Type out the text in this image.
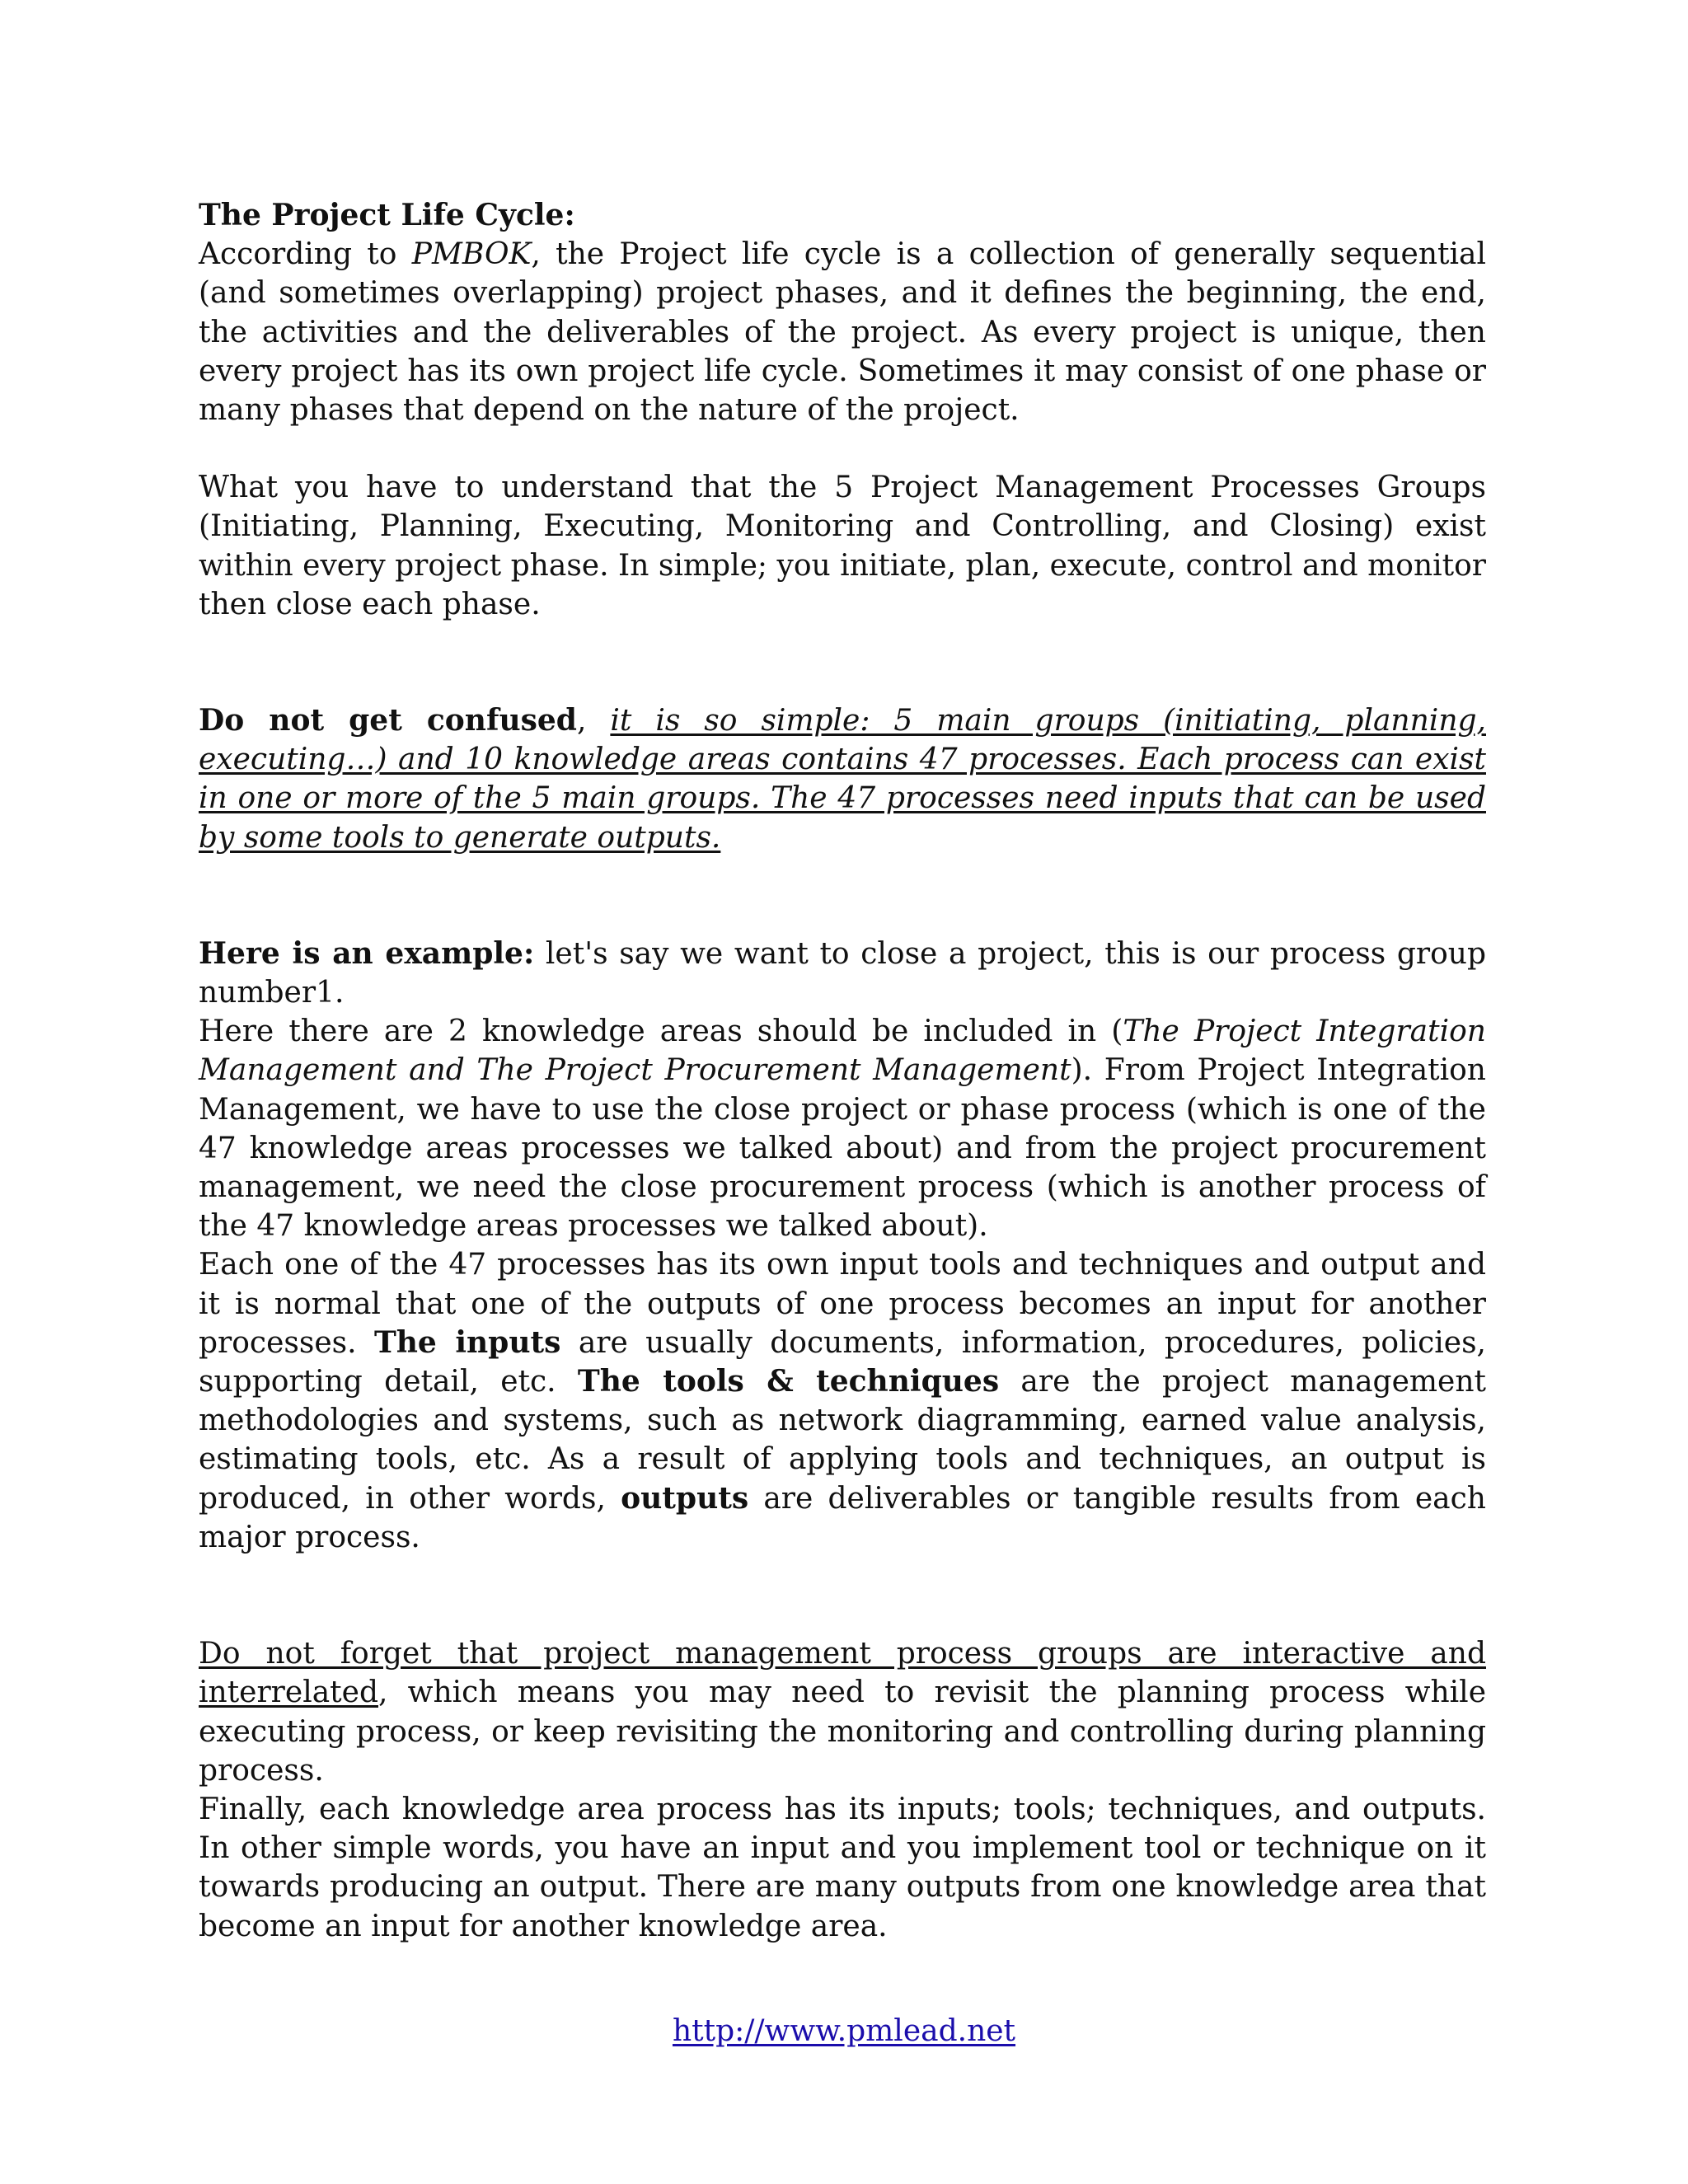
The Project Life Cycle:

According to PMBOK, the Project life cycle is a collection of generally sequential (and sometimes overlapping) project phases, and it defines the beginning, the end, the activities and the deliverables of the project. As every project is unique, then every project has its own project life cycle. Sometimes it may consist of one phase or many phases that depend on the nature of the project.

What you have to understand that the 5 Project Management Processes Groups (Initiating, Planning, Executing, Monitoring and Controlling, and Closing) exist within every project phase. In simple; you initiate, plan, execute, control and monitor then close each phase.

Do not get confused, it is so simple: 5 main groups (initiating, planning, executing…) and 10 knowledge areas contains 47 processes. Each process can exist in one or more of the 5 main groups. The 47 processes need inputs that can be used by some tools to generate outputs.

Here is an example: let's say we want to close a project, this is our process group number1.

Here there are 2 knowledge areas should be included in (The Project Integration Management and The Project Procurement Management). From Project Integration Management, we have to use the close project or phase process (which is one of the 47 knowledge areas processes we talked about) and from the project procurement management, we need the close procurement process (which is another process of the 47 knowledge areas processes we talked about).

Each one of the 47 processes has its own input tools and techniques and output and it is normal that one of the outputs of one process becomes an input for another processes. The inputs are usually documents, information, procedures, policies, supporting detail, etc. The tools & techniques are the project management methodologies and systems, such as network diagramming, earned value analysis, estimating tools, etc. As a result of applying tools and techniques, an output is produced, in other words, outputs are deliverables or tangible results from each major process.

Do not forget that project management process groups are interactive and interrelated, which means you may need to revisit the planning process while executing process, or keep revisiting the monitoring and controlling during planning process.

Finally, each knowledge area process has its inputs; tools; techniques, and outputs. In other simple words, you have an input and you implement tool or technique on it towards producing an output. There are many outputs from one knowledge area that become an input for another knowledge area.

http://www.pmlead.net
